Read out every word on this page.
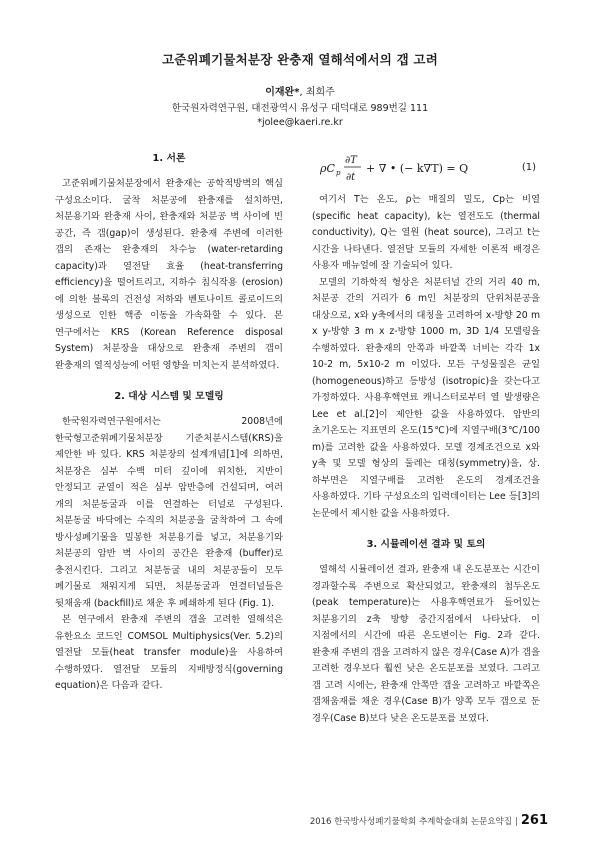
고준위폐기물처분장 완충재 열해석에서의 갭 고려
이재완*, 최희주
한국원자력연구원, 대전광역시 유성구 대덕대로 989번길 111
*jolee@kaeri.re.kr
1. 서론

고준위폐기물처분장에서 완충재는 공학적방벽의 핵심 구성요소이다. 굴착 처분공에 완충재를 설치하면, 처분용기와 완충재 사이, 완충재와 처분공 벽 사이에 빈 공간, 즉 갭(gap)이 생성된다. 완충재 주변에 이러한 갭의 존재는 완충재의 차수능 (water-retarding capacity)과 열전달 효율 (heat-transferring efficiency)을 떨어트리고, 지하수 침식작용 (erosion)에 의한 블록의 건전성 저하와 벤토나이트 콜로이드의 생성으로 인한 핵종 이동을 가속화할 수 있다. 본 연구에서는 KRS (Korean Reference disposal System) 처분장을 대상으로 완충재 주변의 갭이 완충재의 열적성능에 어떤 영향을 미치는지 분석하였다.

2. 대상 시스템 및 모델링

한국원자력연구원에서는 2008년에 한국형고준위폐기물처분장 기준처분시스템(KRS)을 제안한 바 있다. KRS 처분장의 설계개념[1]에 의하면, 처분장은 심부 수백 미터 깊이에 위치한, 지반이 안정되고 균열이 적은 심부 암반층에 건설되며, 여러 개의 처분동굴과 이를 연결하는 터널로 구성된다. 처분동굴 바닥에는 수직의 처분공을 굴착하여 그 속에 방사성폐기물을 밀봉한 처분용기를 넣고, 처분용기와 처분공의 암반 벽 사이의 공간은 완충재 (buffer)로 충전시킨다. 그리고 처분동굴 내의 처분공들이 모두 폐기물로 채워지게 되면, 처분동굴과 연결터널들은 뒷채움재 (backfill)로 채운 후 폐쇄하게 된다 (Fig. 1).

본 연구에서 완충재 주변의 갭을 고려한 열해석은 유한요소 코드인 COMSOL Multiphysics(Ver. 5.2)의 열전달 모듈(heat transfer module)을 사용하여 수행하였다. 열전달 모듈의 지배방정식(governing equation)은 다음과 같다.

ρC p
∂T
∂t
+ ∇ • (− k∇T) = Q	(1)

여기서 T는 온도, ρ는 매질의 밀도, Cp는 비열 (specific heat capacity), k는 열전도도 (thermal conductivity), Q는 열원 (heat source), 그리고 t는 시간을 나타낸다. 열전달 모듈의 자세한 이론적 배경은 사용자 매뉴얼에 잘 기술되어 있다.

모델의 기하학적 형상은 처분터널 간의 거리 40 m, 처분공 간의 거리가 6 m인 처분장의 단위처분공을 대상으로, x와 y축에서의 대칭을 고려하여 x-방향 20 m x y-방향 3 m x z-방향 1000 m, 3D 1/4 모델링을 수행하였다. 완충재의 안쪽과 바깥쪽 너비는 각각 1x 10-2 m, 5x10-2 m 이었다. 모든 구성물질은 균일(homogeneous)하고 등방성 (isotropic)을 갖는다고 가정하였다. 사용후핵연료 캐니스터로부터 열 발생량은 Lee et al.[2]이 제안한 값을 사용하였다. 암반의 초기온도는 지표면의 온도(15℃)에 지열구배(3℃/100 m)를 고려한 값을 사용하였다. 모델 경계조건으로 x와 y축 및 모델 형상의 둘레는 대칭(symmetry)을, 상.하부면은 지열구배를 고려한 온도의 경계조건을 사용하였다. 기타 구성요소의 입력데이터는 Lee 등[3]의 논문에서 제시한 값을 사용하였다.

3. 시뮬레이션 결과 및 토의

열해석 시뮬레이션 결과, 완충재 내 온도분포는 시간이 경과할수록 주변으로 확산되었고, 완충재의 첨두온도(peak temperature)는 사용후핵연료가 들어있는 처분용기의 z축 방향 중간지점에서 나타났다. 이 지점에서의 시간에 따른 온도변이는 Fig. 2과 같다. 완충재 주변의 갭을 고려하지 않은 경우(Case A)가 갭을 고려한 경우보다 훨씬 낮은 온도분포를 보였다. 그리고 갭 고려 시에는, 완충재 안쪽만 갭을 고려하고 바깥쪽은 갭채움재를 채운 경우(Case B)가 양쪽 모두 갭으로 둔 경우(Case B)보다 낮은 온도분포를 보였다.

2016 한국방사성폐기물학회 추계학술대회 논문요약집 | 261
